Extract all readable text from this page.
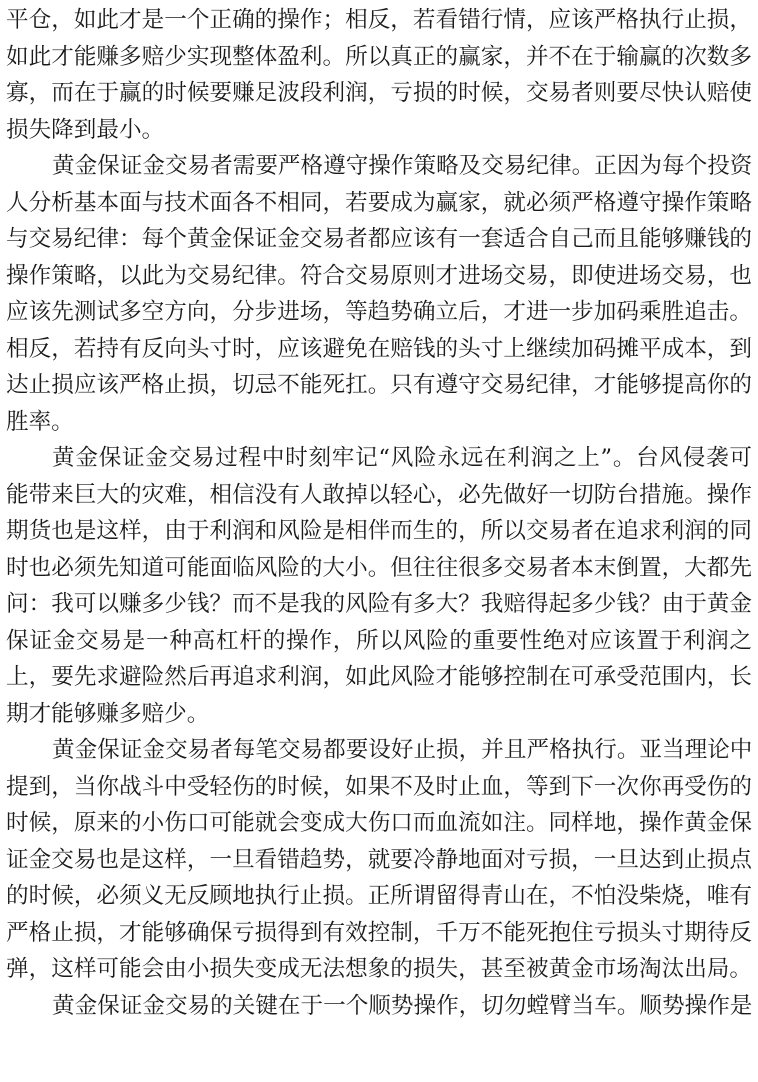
平仓，如此才是一个正确的操作；相反，若看错行情，应该严格执行止损，
如此才能赚多赔少实现整体盈利。所以真正的赢家，并不在于输赢的次数多
寡，而在于赢的时候要赚足波段利润，亏损的时候，交易者则要尽快认赔使
损失降到最小。
黄金保证金交易者需要严格遵守操作策略及交易纪律。正因为每个投资
人分析基本面与技术面各不相同，若要成为赢家，就必须严格遵守操作策略
与交易纪律：每个黄金保证金交易者都应该有一套适合自己而且能够赚钱的
操作策略，以此为交易纪律。符合交易原则才进场交易，即使进场交易，也
应该先测试多空方向，分步进场，等趋势确立后，才进一步加码乘胜追击。
相反，若持有反向头寸时，应该避免在赔钱的头寸上继续加码摊平成本，到
达止损应该严格止损，切忌不能死扛。只有遵守交易纪律，才能够提高你的
胜率。
黄金保证金交易过程中时刻牢记“风险永远在利润之上”。台风侵袭可
能带来巨大的灾难，相信没有人敢掉以轻心，必先做好一切防台措施。操作
期货也是这样，由于利润和风险是相伴而生的，所以交易者在追求利润的同
时也必须先知道可能面临风险的大小。但往往很多交易者本末倒置，大都先
问：我可以赚多少钱？而不是我的风险有多大？我赔得起多少钱？由于黄金
保证金交易是一种高杠杆的操作，所以风险的重要性绝对应该置于利润之
上，要先求避险然后再追求利润，如此风险才能够控制在可承受范围内，长
期才能够赚多赔少。
黄金保证金交易者每笔交易都要设好止损，并且严格执行。亚当理论中
提到，当你战斗中受轻伤的时候，如果不及时止血，等到下一次你再受伤的
时候，原来的小伤口可能就会变成大伤口而血流如注。同样地，操作黄金保
证金交易也是这样，一旦看错趋势，就要冷静地面对亏损，一旦达到止损点
的时候，必须义无反顾地执行止损。正所谓留得青山在，不怕没柴烧，唯有
严格止损，才能够确保亏损得到有效控制，千万不能死抱住亏损头寸期待反
弹，这样可能会由小损失变成无法想象的损失，甚至被黄金市场淘汰出局。
黄金保证金交易的关键在于一个顺势操作，切勿螳臂当车。顺势操作是
